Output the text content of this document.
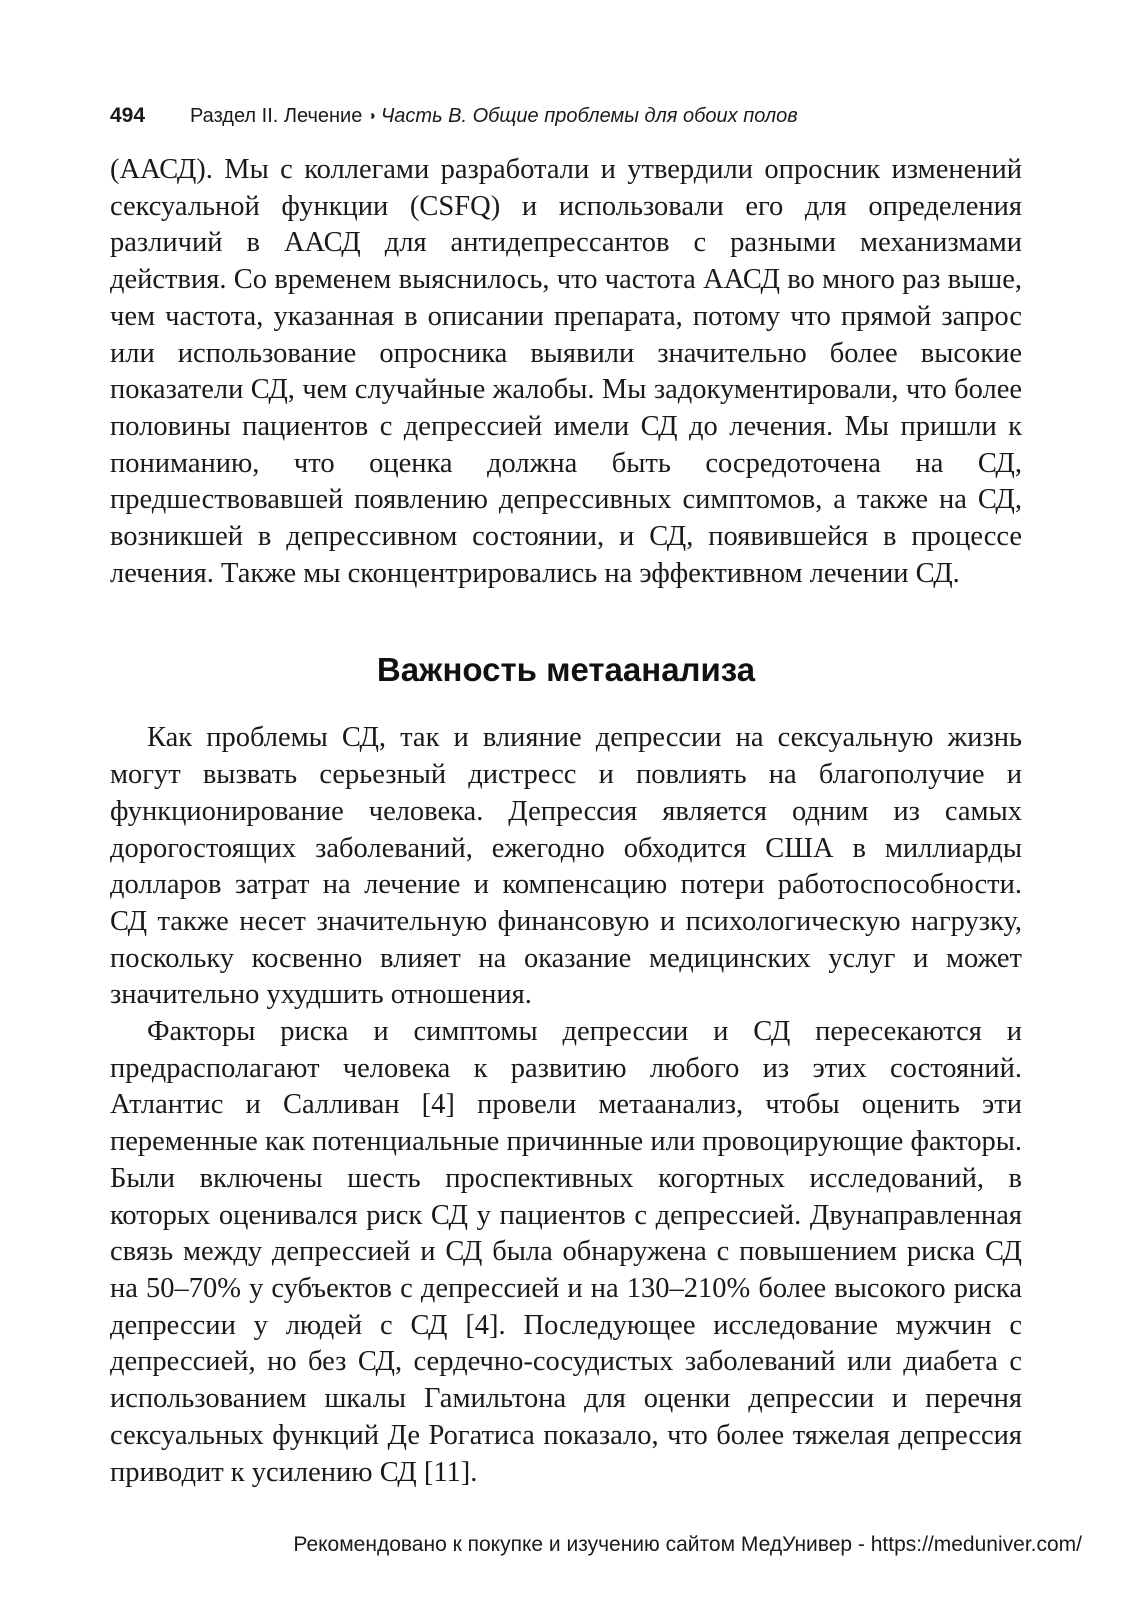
494 Раздел II. Лечение ◑ Часть В. Общие проблемы для обоих полов

(ААСД). Мы с коллегами разработали и утвердили опросник изменений сексуальной функции (CSFQ) и использовали его для определения различий в ААСД для антидепрессантов с разными механизмами действия. Со временем выяснилось, что частота ААСД во много раз выше, чем частота, указанная в описании препарата, потому что прямой запрос или использование опросника выявили значительно более высокие показатели СД, чем случайные жалобы. Мы задокументировали, что более половины пациентов с депрессией имели СД до лечения. Мы пришли к пониманию, что оценка должна быть сосредоточена на СД, предшествовавшей появлению депрессивных симптомов, а также на СД, возникшей в депрессивном состоянии, и СД, появившейся в процессе лечения. Также мы сконцентрировались на эффективном лечении СД.

Важность метаанализа

Как проблемы СД, так и влияние депрессии на сексуальную жизнь могут вызвать серьезный дистресс и повлиять на благополучие и функционирование человека. Депрессия является одним из самых дорогостоящих заболеваний, ежегодно обходится США в миллиарды долларов затрат на лечение и компенсацию потери работоспособности. СД также несет значительную финансовую и психологическую нагрузку, поскольку косвенно влияет на оказание медицинских услуг и может значительно ухудшить отношения.

Факторы риска и симптомы депрессии и СД пересекаются и предрасполагают человека к развитию любого из этих состояний. Атлантис и Салливан [4] провели метаанализ, чтобы оценить эти переменные как потенциальные причинные или провоцирующие факторы. Были включены шесть проспективных когортных исследований, в которых оценивался риск СД у пациентов с депрессией. Двунаправленная связь между депрессией и СД была обнаружена с повышением риска СД на 50–70% у субъектов с депрессией и на 130–210% более высокого риска депрессии у людей с СД [4]. Последующее исследование мужчин с депрессией, но без СД, сердечно-сосудистых заболеваний или диабета с использованием шкалы Гамильтона для оценки депрессии и перечня сексуальных функций Де Рогатиса показало, что более тяжелая депрессия приводит к усилению СД [11].

Рекомендовано к покупке и изучению сайтом МедУнивер - https://meduniver.com/
